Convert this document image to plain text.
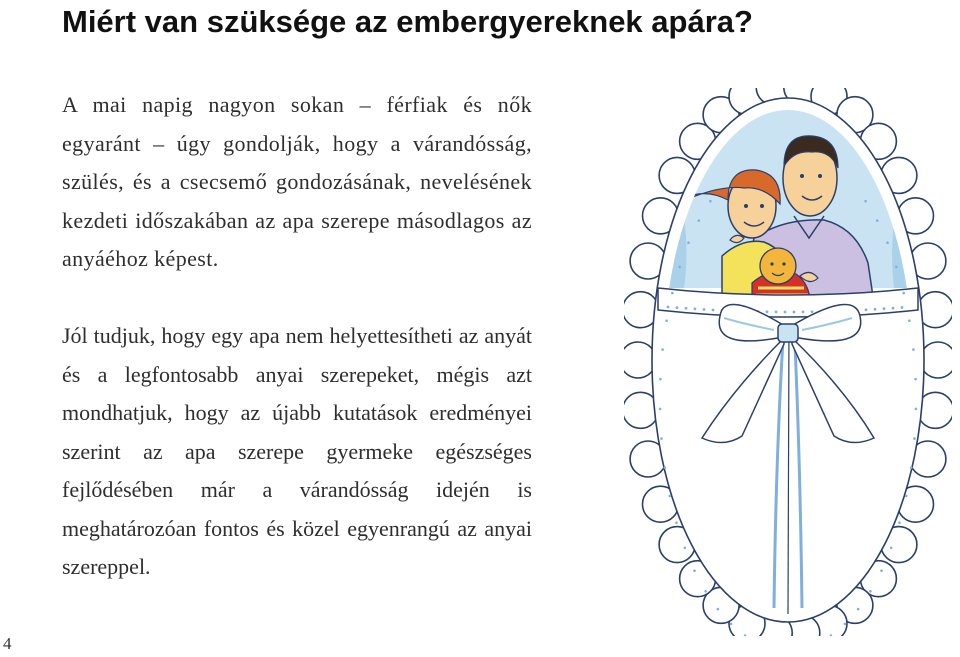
Miért van szüksége az embergyereknek apára?

A mai napig nagyon sokan – férfiak és nők egyaránt – úgy gondolják, hogy a várandósság, szülés, és a csecsemő gondozásának, nevelésének kezdeti időszakában az apa szerepe másodlagos az anyáéhoz képest.

Jól tudjuk, hogy egy apa nem helyettesítheti az anyát és a legfontosabb anyai szerepeket, mégis azt mondhatjuk, hogy az újabb kutatások eredményei szerint az apa szerepe gyermeke egészséges fejlődésében már a várandósság idején is meghatározóan fontos és közel egyenrangú az anyai szereppel.

4
